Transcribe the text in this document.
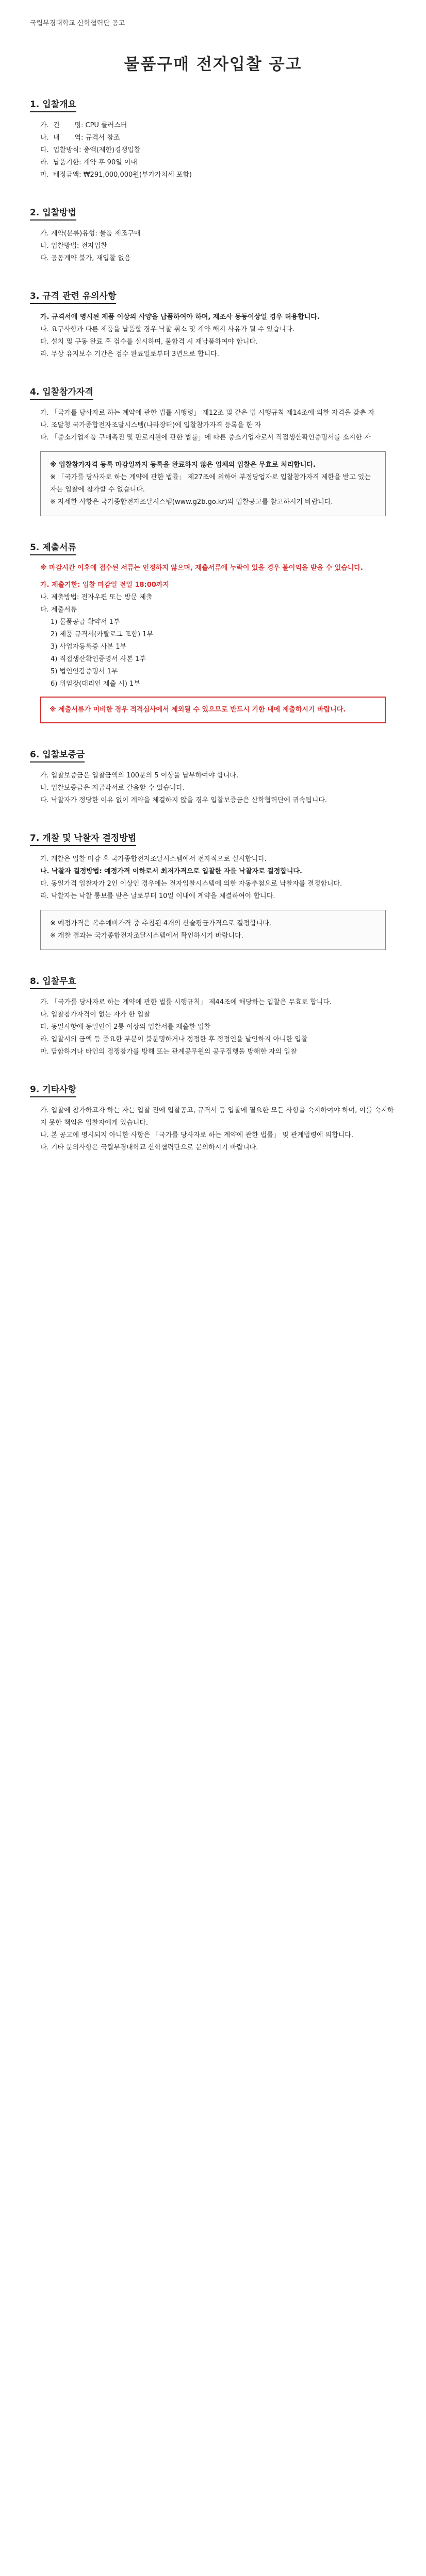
국립부경대학교 산학협력단 공고
물품구매 전자입찰 공고
1. 입찰개요
가.  건       명: CPU 클러스터
나.  내       역: 규격서 참조
다.  입찰방식: 총액(제한)경쟁입찰
라.  납품기한: 계약 후 90일 이내
마.  배정금액: ₩291,000,000원(부가가치세 포함)
2. 입찰방법
가. 계약(분류)유형: 물품 제조구매
나. 입찰방법: 전자입찰
다. 공동계약 불가, 재입찰 없음
3. 규격 관련 유의사항
가. 규격서에 명시된 제품 이상의 사양을 납품하여야 하며, 제조사 동등이상일 경우 허용합니다.
나. 요구사항과 다른 제품을 납품할 경우 낙찰 취소 및 계약 해지 사유가 될 수 있습니다.
다. 설치 및 구동 완료 후 검수를 실시하며, 불합격 시 재납품하여야 합니다.
라. 무상 유지보수 기간은 검수 완료일로부터 3년으로 합니다.
4. 입찰참가자격
가. 「국가를 당사자로 하는 계약에 관한 법률 시행령」 제12조 및 같은 법 시행규칙 제14조에 의한 자격을 갖춘 자
나. 조달청 국가종합전자조달시스템(나라장터)에 입찰참가자격 등록을 한 자
다. 「중소기업제품 구매촉진 및 판로지원에 관한 법률」에 따른 중소기업자로서 직접생산확인증명서를 소지한 자
※ 입찰참가자격 등록 마감일까지 등록을 완료하지 않은 업체의 입찰은 무효로 처리합니다.
※ 「국가를 당사자로 하는 계약에 관한 법률」 제27조에 의하여 부정당업자로 입찰참가자격 제한을 받고 있는 자는 입찰에 참가할 수 없습니다.
※ 자세한 사항은 국가종합전자조달시스템(www.g2b.go.kr)의 입찰공고를 참고하시기 바랍니다.
5. 제출서류
※ 마감시간 이후에 접수된 서류는 인정하지 않으며, 제출서류에 누락이 있을 경우 불이익을 받을 수 있습니다.
가. 제출기한: 입찰 마감일 전일 18:00까지
나. 제출방법: 전자우편 또는 방문 제출
다. 제출서류
1) 물품공급 확약서 1부
2) 제품 규격서(카탈로그 포함) 1부
3) 사업자등록증 사본 1부
4) 직접생산확인증명서 사본 1부
5) 법인인감증명서 1부
6) 위임장(대리인 제출 시) 1부
※ 제출서류가 미비한 경우 적격심사에서 제외될 수 있으므로 반드시 기한 내에 제출하시기 바랍니다.
6. 입찰보증금
가. 입찰보증금은 입찰금액의 100분의 5 이상을 납부하여야 합니다.
나. 입찰보증금은 지급각서로 갈음할 수 있습니다.
다. 낙찰자가 정당한 이유 없이 계약을 체결하지 않을 경우 입찰보증금은 산학협력단에 귀속됩니다.
7. 개찰 및 낙찰자 결정방법
가. 개찰은 입찰 마감 후 국가종합전자조달시스템에서 전자적으로 실시합니다.
나. 낙찰자 결정방법: 예정가격 이하로서 최저가격으로 입찰한 자를 낙찰자로 결정합니다.
다. 동일가격 입찰자가 2인 이상인 경우에는 전자입찰시스템에 의한 자동추첨으로 낙찰자를 결정합니다.
라. 낙찰자는 낙찰 통보를 받은 날로부터 10일 이내에 계약을 체결하여야 합니다.
※ 예정가격은 복수예비가격 중 추첨된 4개의 산술평균가격으로 결정합니다.
※ 개찰 결과는 국가종합전자조달시스템에서 확인하시기 바랍니다.
8. 입찰무효
가. 「국가를 당사자로 하는 계약에 관한 법률 시행규칙」 제44조에 해당하는 입찰은 무효로 합니다.
나. 입찰참가자격이 없는 자가 한 입찰
다. 동일사항에 동일인이 2통 이상의 입찰서를 제출한 입찰
라. 입찰서의 금액 등 중요한 부분이 불분명하거나 정정한 후 정정인을 날인하지 아니한 입찰
마. 담합하거나 타인의 경쟁참가를 방해 또는 관계공무원의 공무집행을 방해한 자의 입찰
9. 기타사항
가. 입찰에 참가하고자 하는 자는 입찰 전에 입찰공고, 규격서 등 입찰에 필요한 모든 사항을 숙지하여야 하며, 이를 숙지하지 못한 책임은 입찰자에게 있습니다.
나. 본 공고에 명시되지 아니한 사항은 「국가를 당사자로 하는 계약에 관한 법률」 및 관계법령에 의합니다.
다. 기타 문의사항은 국립부경대학교 산학협력단으로 문의하시기 바랍니다.
